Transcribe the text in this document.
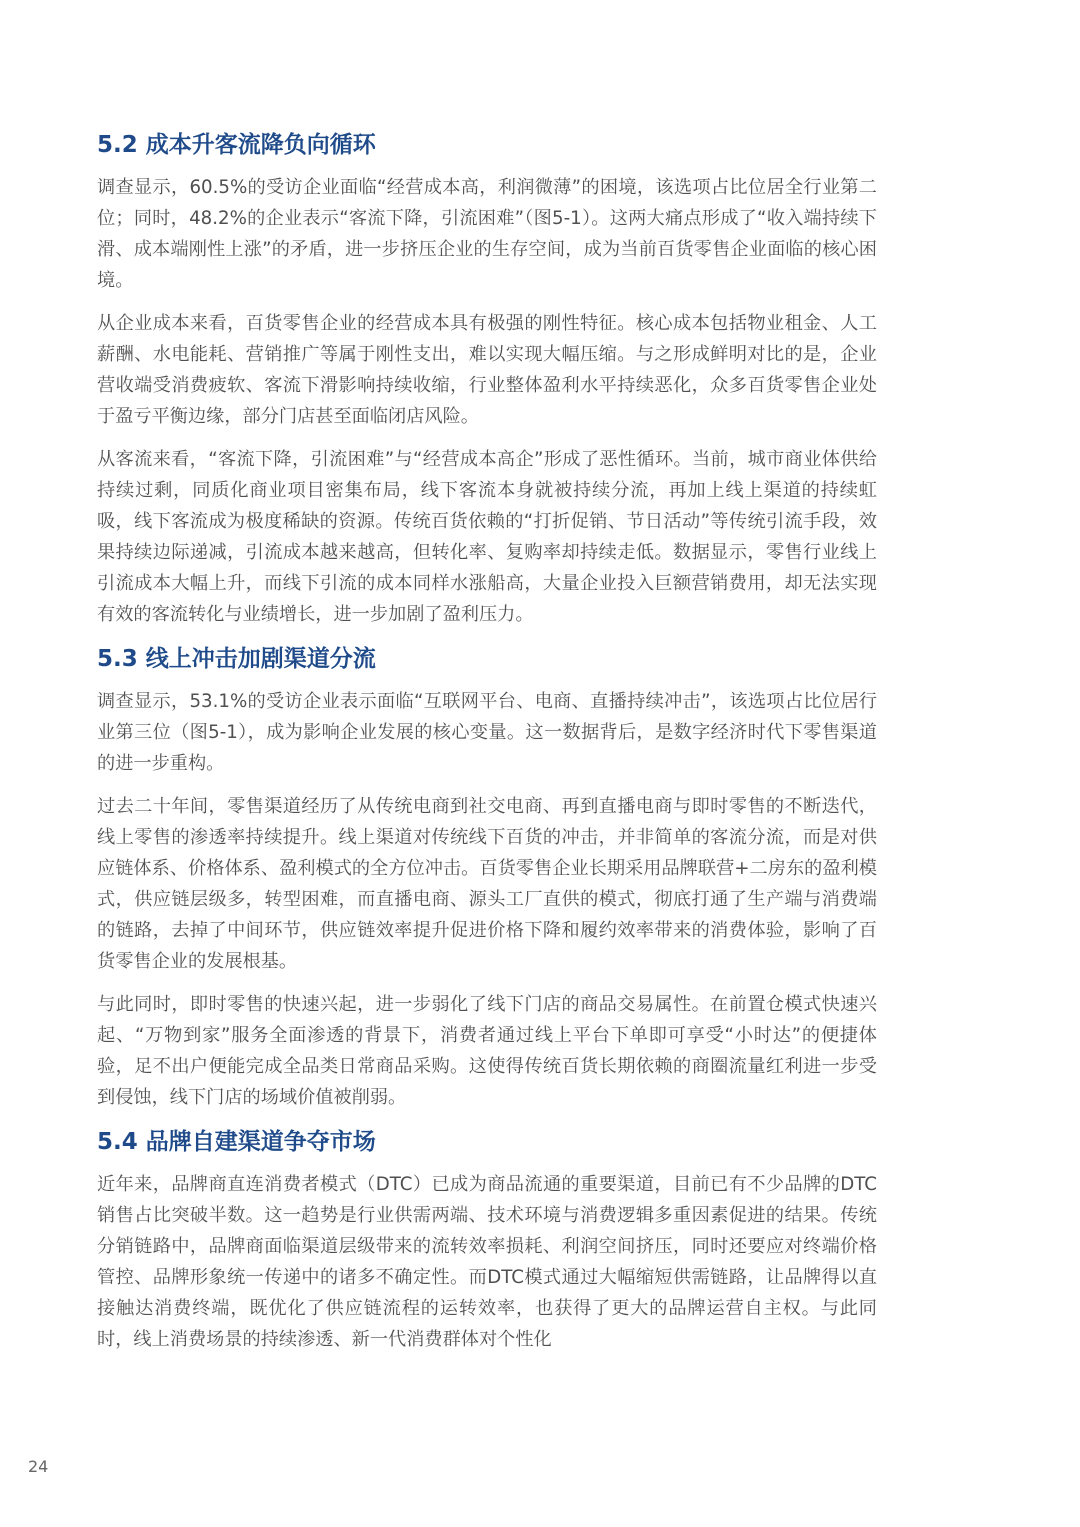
5.2 成本升客流降负向循环

调查显示，60.5%的受访企业面临“经营成本高，利润微薄”的困境，该选项占比位居全行业第二位；同时，48.2%的企业表示“客流下降，引流困难”（图5-1）。这两大痛点形成了“收入端持续下滑、成本端刚性上涨”的矛盾，进一步挤压企业的生存空间，成为当前百货零售企业面临的核心困境。

从企业成本来看，百货零售企业的经营成本具有极强的刚性特征。核心成本包括物业租金、人工薪酬、水电能耗、营销推广等属于刚性支出，难以实现大幅压缩。与之形成鲜明对比的是，企业营收端受消费疲软、客流下滑影响持续收缩，行业整体盈利水平持续恶化，众多百货零售企业处于盈亏平衡边缘，部分门店甚至面临闭店风险。

从客流来看，“客流下降，引流困难”与“经营成本高企”形成了恶性循环。当前，城市商业体供给持续过剩，同质化商业项目密集布局，线下客流本身就被持续分流，再加上线上渠道的持续虹吸，线下客流成为极度稀缺的资源。传统百货依赖的“打折促销、节日活动”等传统引流手段，效果持续边际递减，引流成本越来越高，但转化率、复购率却持续走低。数据显示，零售行业线上引流成本大幅上升，而线下引流的成本同样水涨船高，大量企业投入巨额营销费用，却无法实现有效的客流转化与业绩增长，进一步加剧了盈利压力。

5.3 线上冲击加剧渠道分流

调查显示，53.1%的受访企业表示面临“互联网平台、电商、直播持续冲击”，该选项占比位居行业第三位（图5-1），成为影响企业发展的核心变量。这一数据背后，是数字经济时代下零售渠道的进一步重构。

过去二十年间，零售渠道经历了从传统电商到社交电商、再到直播电商与即时零售的不断迭代，线上零售的渗透率持续提升。线上渠道对传统线下百货的冲击，并非简单的客流分流，而是对供应链体系、价格体系、盈利模式的全方位冲击。百货零售企业长期采用品牌联营+二房东的盈利模式，供应链层级多，转型困难，而直播电商、源头工厂直供的模式，彻底打通了生产端与消费端的链路，去掉了中间环节，供应链效率提升促进价格下降和履约效率带来的消费体验，影响了百货零售企业的发展根基。

与此同时，即时零售的快速兴起，进一步弱化了线下门店的商品交易属性。在前置仓模式快速兴起、“万物到家”服务全面渗透的背景下，消费者通过线上平台下单即可享受“小时达”的便捷体验，足不出户便能完成全品类日常商品采购。这使得传统百货长期依赖的商圈流量红利进一步受到侵蚀，线下门店的场域价值被削弱。

5.4 品牌自建渠道争夺市场

近年来，品牌商直连消费者模式（DTC）已成为商品流通的重要渠道，目前已有不少品牌的DTC销售占比突破半数。这一趋势是行业供需两端、技术环境与消费逻辑多重因素促进的结果。传统分销链路中，品牌商面临渠道层级带来的流转效率损耗、利润空间挤压，同时还要应对终端价格管控、品牌形象统一传递中的诸多不确定性。而DTC模式通过大幅缩短供需链路，让品牌得以直接触达消费终端，既优化了供应链流程的运转效率，也获得了更大的品牌运营自主权。与此同时，线上消费场景的持续渗透、新一代消费群体对个性化

24
